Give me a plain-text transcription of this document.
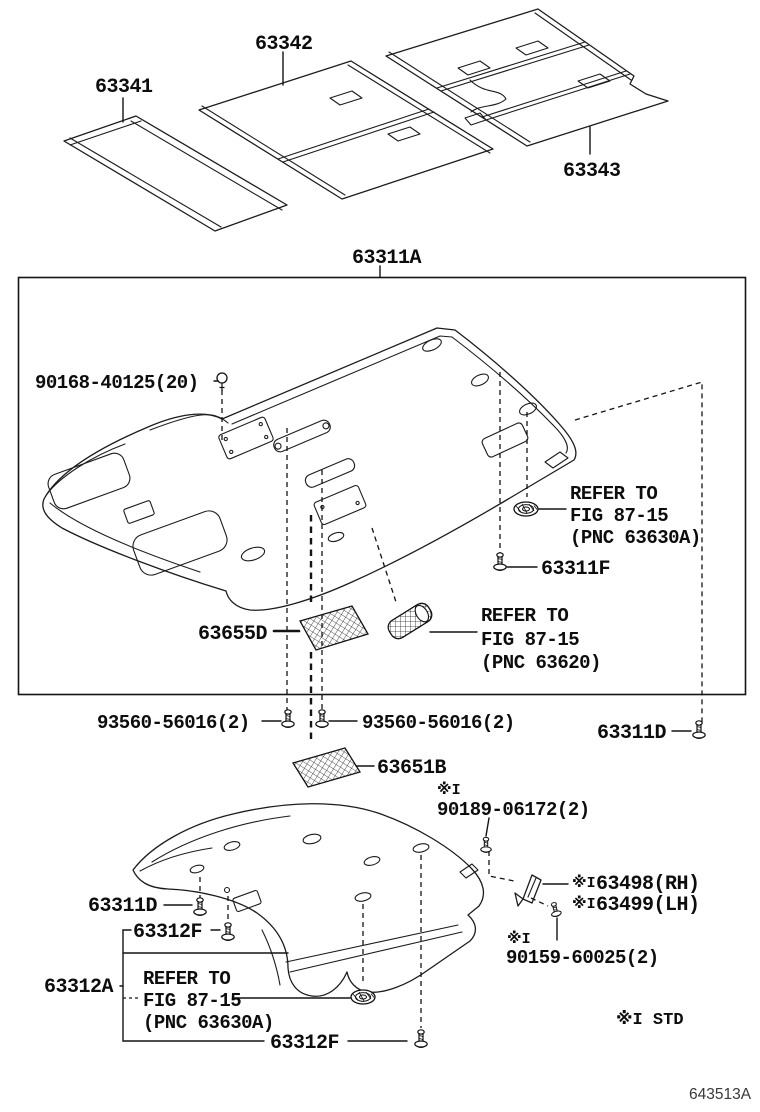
63341
63342
63343
63311A
90168-40125(20)
REFER TO
FIG 87-15
(PNC 63630A)
63311F
63655D
REFER TO
FIG 87-15
(PNC 63620)
93560-56016(2)	93560-56016(2)	63311D
63651B
※I
90189-06172(2)
※I 63498(RH)
※I 63499(LH)
※I
90159-60025(2)
63311D
63312F
63312A REFER TO
FIG 87-15
(PNC 63630A)
63312F
※I STD
643513A
